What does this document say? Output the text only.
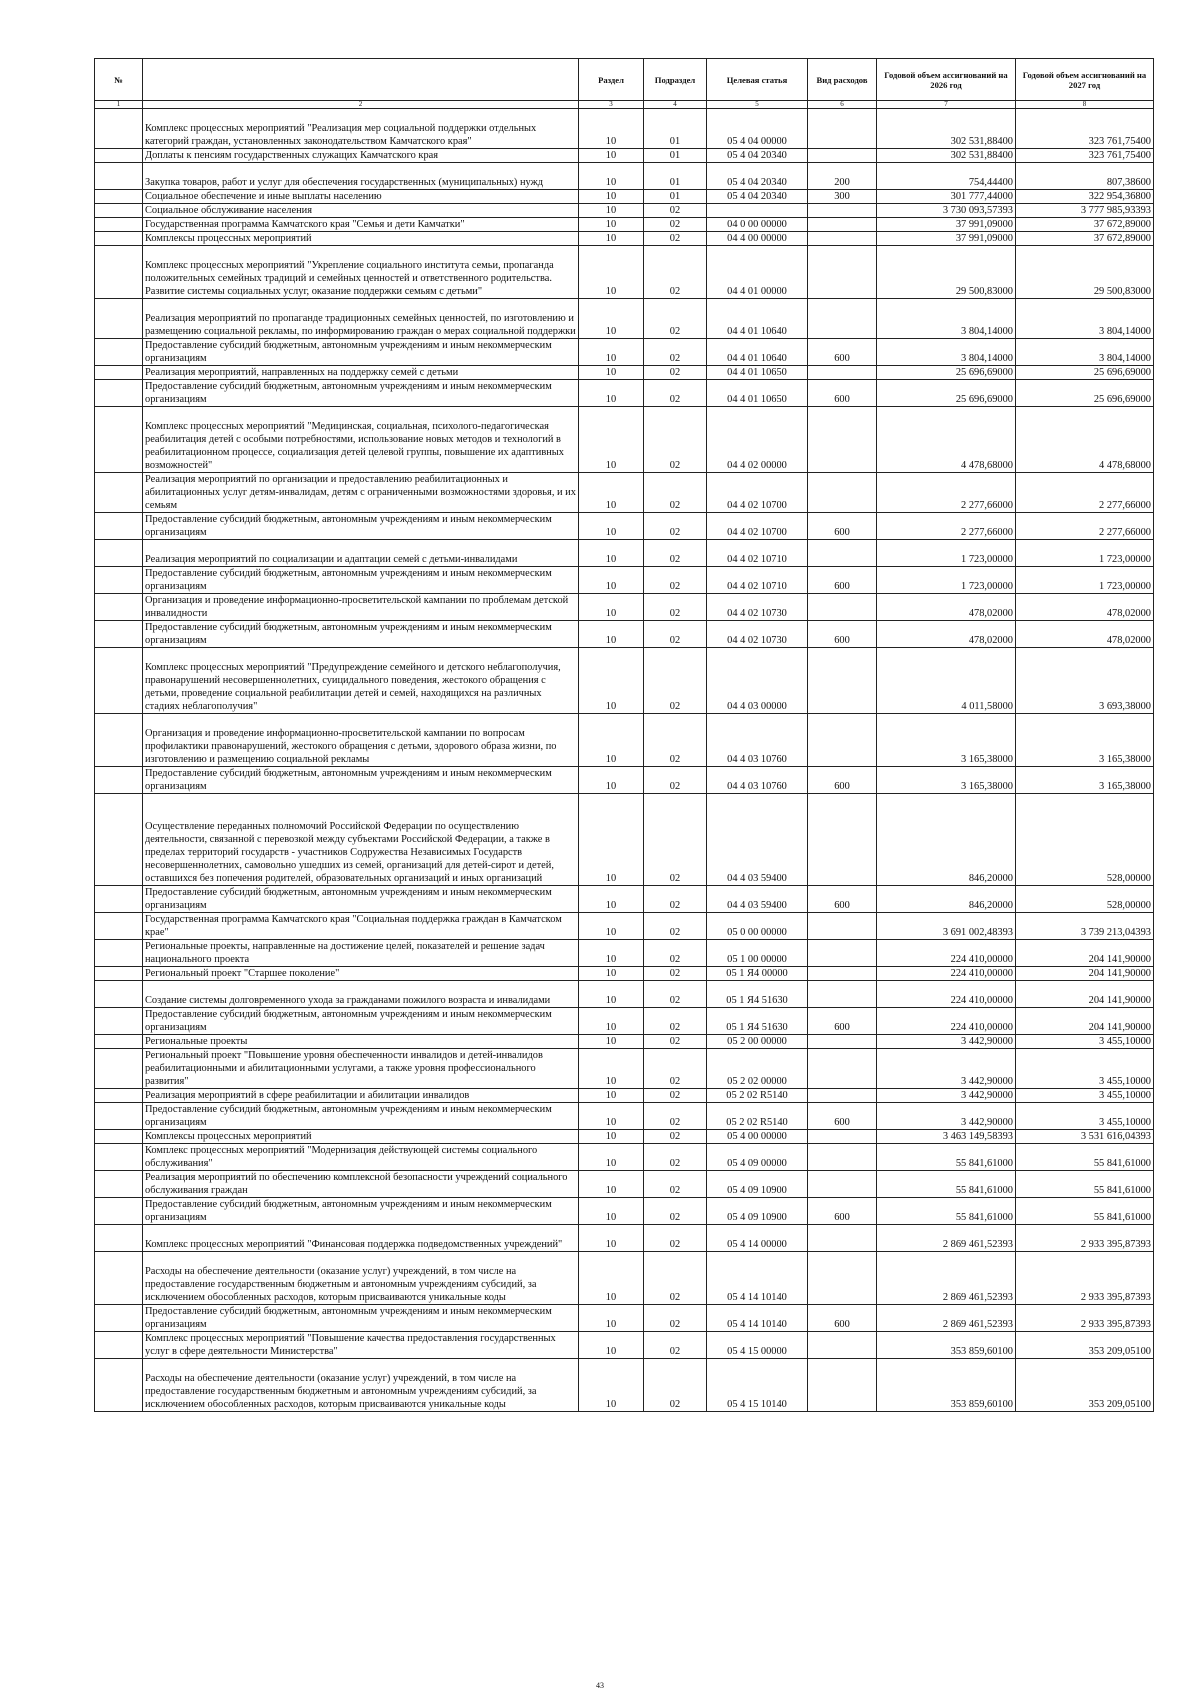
№		Раздел	Подраздел	Целевая статья	Вид расходов	Годовой объем ассигнований на 2026 год	Годовой объем ассигнований на 2027 год
1	2	3	4	5	6	7	8
	Комплекс процессных мероприятий "Реализация мер социальной поддержки отдельных категорий граждан, установленных законодательством Камчатского края"	10	01	05 4 04 00000		302 531,88400	323 761,75400
	Доплаты к пенсиям государственных служащих Камчатского края	10	01	05 4 04 20340		302 531,88400	323 761,75400
	Закупка товаров, работ и услуг для обеспечения государственных (муниципальных) нужд	10	01	05 4 04 20340	200	754,44400	807,38600
	Социальное обеспечение и иные выплаты населению	10	01	05 4 04 20340	300	301 777,44000	322 954,36800
	Социальное обслуживание населения	10	02			3 730 093,57393	3 777 985,93393
	Государственная программа Камчатского края "Семья и дети Камчатки"	10	02	04 0 00 00000		37 991,09000	37 672,89000
	Комплексы процессных мероприятий	10	02	04 4 00 00000		37 991,09000	37 672,89000
	Комплекс процессных мероприятий "Укрепление социального института семьи, пропаганда положительных семейных традиций и семейных ценностей и ответственного родительства. Развитие системы социальных услуг, оказание поддержки семьям с детьми"	10	02	04 4 01 00000		29 500,83000	29 500,83000
	Реализация мероприятий по пропаганде традиционных семейных ценностей, по изготовлению и размещению социальной рекламы, по информированию граждан о мерах социальной поддержки	10	02	04 4 01 10640		3 804,14000	3 804,14000
	Предоставление субсидий бюджетным, автономным учреждениям и иным некоммерческим организациям	10	02	04 4 01 10640	600	3 804,14000	3 804,14000
	Реализация мероприятий, направленных на поддержку семей с детьми	10	02	04 4 01 10650		25 696,69000	25 696,69000
	Предоставление субсидий бюджетным, автономным учреждениям и иным некоммерческим организациям	10	02	04 4 01 10650	600	25 696,69000	25 696,69000
	Комплекс процессных мероприятий "Медицинская, социальная, психолого-педагогическая реабилитация детей с особыми потребностями, использование новых методов и технологий в реабилитационном процессе, социализация детей целевой группы, повышение их адаптивных возможностей"	10	02	04 4 02 00000		4 478,68000	4 478,68000
	Реализация мероприятий по организации и предоставлению реабилитационных и абилитационных услуг детям-инвалидам, детям с ограниченными возможностями здоровья, и их семьям	10	02	04 4 02 10700		2 277,66000	2 277,66000
	Предоставление субсидий бюджетным, автономным учреждениям и иным некоммерческим организациям	10	02	04 4 02 10700	600	2 277,66000	2 277,66000
	Реализация мероприятий по социализации и адаптации семей с детьми-инвалидами	10	02	04 4 02 10710		1 723,00000	1 723,00000
	Предоставление субсидий бюджетным, автономным учреждениям и иным некоммерческим организациям	10	02	04 4 02 10710	600	1 723,00000	1 723,00000
	Организация и проведение информационно-просветительской кампании по проблемам детской инвалидности	10	02	04 4 02 10730		478,02000	478,02000
	Предоставление субсидий бюджетным, автономным учреждениям и иным некоммерческим организациям	10	02	04 4 02 10730	600	478,02000	478,02000
	Комплекс процессных мероприятий "Предупреждение семейного и детского неблагополучия, правонарушений несовершеннолетних, суицидального поведения, жестокого обращения с детьми, проведение социальной реабилитации детей и семей, находящихся на различных стадиях неблагополучия"	10	02	04 4 03 00000		4 011,58000	3 693,38000
	Организация и проведение информационно-просветительской кампании по вопросам профилактики правонарушений, жестокого обращения с детьми, здорового образа жизни, по изготовлению и размещению социальной рекламы	10	02	04 4 03 10760		3 165,38000	3 165,38000
	Предоставление субсидий бюджетным, автономным учреждениям и иным некоммерческим организациям	10	02	04 4 03 10760	600	3 165,38000	3 165,38000
	Осуществление переданных полномочий Российской Федерации по осуществлению деятельности, связанной с перевозкой между субъектами Российской Федерации, а также в пределах территорий государств - участников Содружества Независимых Государств несовершеннолетних, самовольно ушедших из семей, организаций для детей-сирот и детей, оставшихся без попечения родителей, образовательных организаций и иных организаций	10	02	04 4 03 59400		846,20000	528,00000
	Предоставление субсидий бюджетным, автономным учреждениям и иным некоммерческим организациям	10	02	04 4 03 59400	600	846,20000	528,00000
	Государственная программа Камчатского края "Социальная поддержка граждан в Камчатском крае"	10	02	05 0 00 00000		3 691 002,48393	3 739 213,04393
	Региональные проекты, направленные на достижение целей, показателей и решение задач национального проекта	10	02	05 1 00 00000		224 410,00000	204 141,90000
	Региональный проект "Старшее поколение"	10	02	05 1 Я4 00000		224 410,00000	204 141,90000
	Создание системы долговременного ухода за гражданами пожилого возраста и инвалидами	10	02	05 1 Я4 51630		224 410,00000	204 141,90000
	Предоставление субсидий бюджетным, автономным учреждениям и иным некоммерческим организациям	10	02	05 1 Я4 51630	600	224 410,00000	204 141,90000
	Региональные проекты	10	02	05 2 00 00000		3 442,90000	3 455,10000
	Региональный проект "Повышение уровня обеспеченности инвалидов и детей-инвалидов реабилитационными и абилитационными услугами, а также уровня профессионального развития"	10	02	05 2 02 00000		3 442,90000	3 455,10000
	Реализация мероприятий в сфере реабилитации и абилитации инвалидов	10	02	05 2 02 R5140		3 442,90000	3 455,10000
	Предоставление субсидий бюджетным, автономным учреждениям и иным некоммерческим организациям	10	02	05 2 02 R5140	600	3 442,90000	3 455,10000
	Комплексы процессных мероприятий	10	02	05 4 00 00000		3 463 149,58393	3 531 616,04393
	Комплекс процессных мероприятий "Модернизация действующей системы социального обслуживания"	10	02	05 4 09 00000		55 841,61000	55 841,61000
	Реализация мероприятий по обеспечению комплексной безопасности учреждений социального обслуживания граждан	10	02	05 4 09 10900		55 841,61000	55 841,61000
	Предоставление субсидий бюджетным, автономным учреждениям и иным некоммерческим организациям	10	02	05 4 09 10900	600	55 841,61000	55 841,61000
	Комплекс процессных мероприятий "Финансовая поддержка подведомственных учреждений"	10	02	05 4 14 00000		2 869 461,52393	2 933 395,87393
	Расходы на обеспечение деятельности (оказание услуг) учреждений, в том числе на предоставление государственным бюджетным и автономным учреждениям субсидий, за исключением обособленных расходов, которым присваиваются уникальные коды	10	02	05 4 14 10140		2 869 461,52393	2 933 395,87393
	Предоставление субсидий бюджетным, автономным учреждениям и иным некоммерческим организациям	10	02	05 4 14 10140	600	2 869 461,52393	2 933 395,87393
	Комплекс процессных мероприятий "Повышение качества предоставления государственных услуг в сфере деятельности Министерства"	10	02	05 4 15 00000		353 859,60100	353 209,05100
	Расходы на обеспечение деятельности (оказание услуг) учреждений, в том числе на предоставление государственным бюджетным и автономным учреждениям субсидий, за исключением обособленных расходов, которым присваиваются уникальные коды	10	02	05 4 15 10140		353 859,60100	353 209,05100
43
